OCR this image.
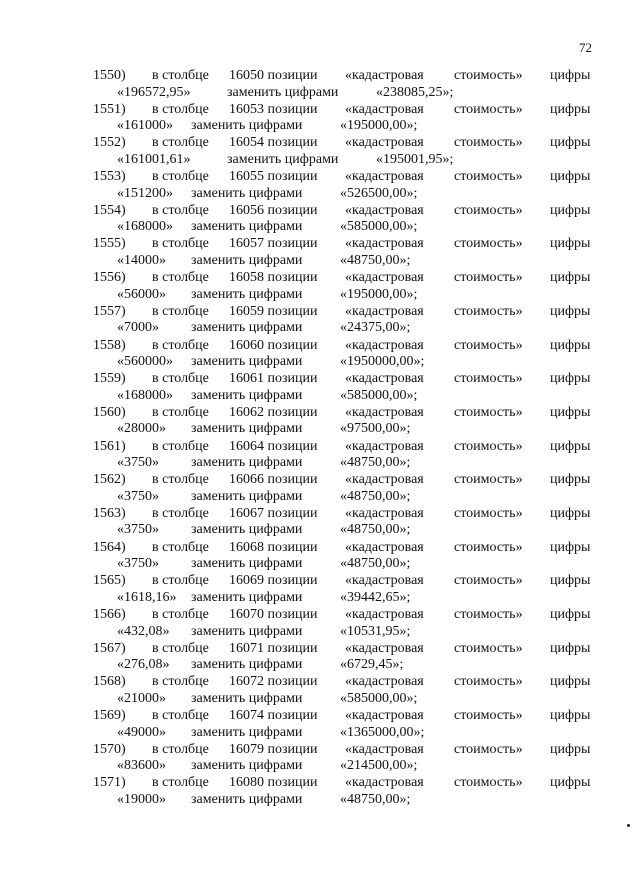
72
1550) в столбце 16050 позиции «кадастровая стоимость» цифры
«196572,95»	заменить цифрами	«238085,25»;
1551) в столбце 16053 позиции «кадастровая стоимость» цифры
«161000» заменить цифрами	«195000,00»;
1552) в столбце 16054 позиции «кадастровая стоимость» цифры
«161001,61»	заменить цифрами	«195001,95»;
1553) в столбце 16055 позиции «кадастровая стоимость» цифры
«151200» заменить цифрами	«526500,00»;
1554) в столбце 16056 позиции «кадастровая стоимость» цифры
«168000» заменить цифрами	«585000,00»;
1555) в столбце 16057 позиции «кадастровая стоимость» цифры
«14000» заменить цифрами	«48750,00»;
1556) в столбце 16058 позиции «кадастровая стоимость» цифры
«56000» заменить цифрами	«195000,00»;
1557) в столбце 16059 позиции «кадастровая стоимость» цифры
«7000» заменить цифрами	«24375,00»;
1558) в столбце 16060 позиции «кадастровая стоимость» цифры
«560000» заменить цифрами	«1950000,00»;
1559) в столбце 16061 позиции «кадастровая стоимость» цифры
«168000» заменить цифрами	«585000,00»;
1560) в столбце 16062 позиции «кадастровая стоимость» цифры
«28000» заменить цифрами	«97500,00»;
1561) в столбце 16064 позиции «кадастровая стоимость» цифры
«3750» заменить цифрами	«48750,00»;
1562) в столбце 16066 позиции «кадастровая стоимость» цифры
«3750» заменить цифрами	«48750,00»;
1563) в столбце 16067 позиции «кадастровая стоимость» цифры
«3750» заменить цифрами	«48750,00»;
1564) в столбце 16068 позиции «кадастровая стоимость» цифры
«3750» заменить цифрами	«48750,00»;
1565) в столбце 16069 позиции «кадастровая стоимость» цифры
«1618,16» заменить цифрами	«39442,65»;
1566) в столбце 16070 позиции «кадастровая стоимость» цифры
«432,08» заменить цифрами	«10531,95»;
1567) в столбце 16071 позиции «кадастровая стоимость» цифры
«276,08» заменить цифрами	«6729,45»;
1568) в столбце 16072 позиции «кадастровая стоимость» цифры
«21000» заменить цифрами	«585000,00»;
1569) в столбце 16074 позиции «кадастровая стоимость» цифры
«49000» заменить цифрами	«1365000,00»;
1570) в столбце 16079 позиции «кадастровая стоимость» цифры
«83600» заменить цифрами	«214500,00»;
1571) в столбце 16080 позиции «кадастровая стоимость» цифры
«19000» заменить цифрами	«48750,00»;
